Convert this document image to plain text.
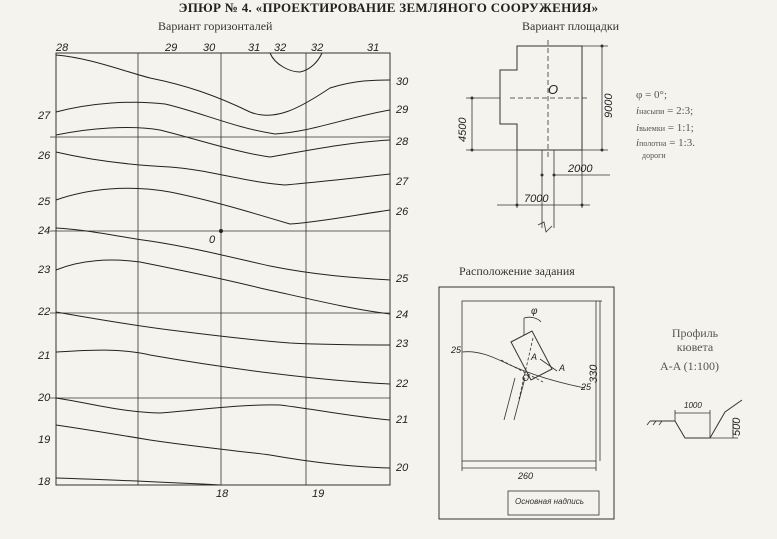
ЭПЮР № 4. «ПРОЕКТИРОВАНИЕ ЗЕМЛЯНОГО СООРУЖЕНИЯ»
Вариант горизонталей
28	29 30	31 32 32	31
27
26
25
24
23
22
21
20
19
18
30
29
28
27
26
25
24
23
22
21
20
18	19
0
Вариант площадки
9000
4500
O
2000
7000
φ = 0°;
iнасыпи = 2:3;
iвыемки = 1:1;
iполотна = 1:3.
дороги
Расположение задания
330
φ
25
25
A
A
O
260
Основная надпись
Профиль
кювета
A-A (1:100)
500
1000
